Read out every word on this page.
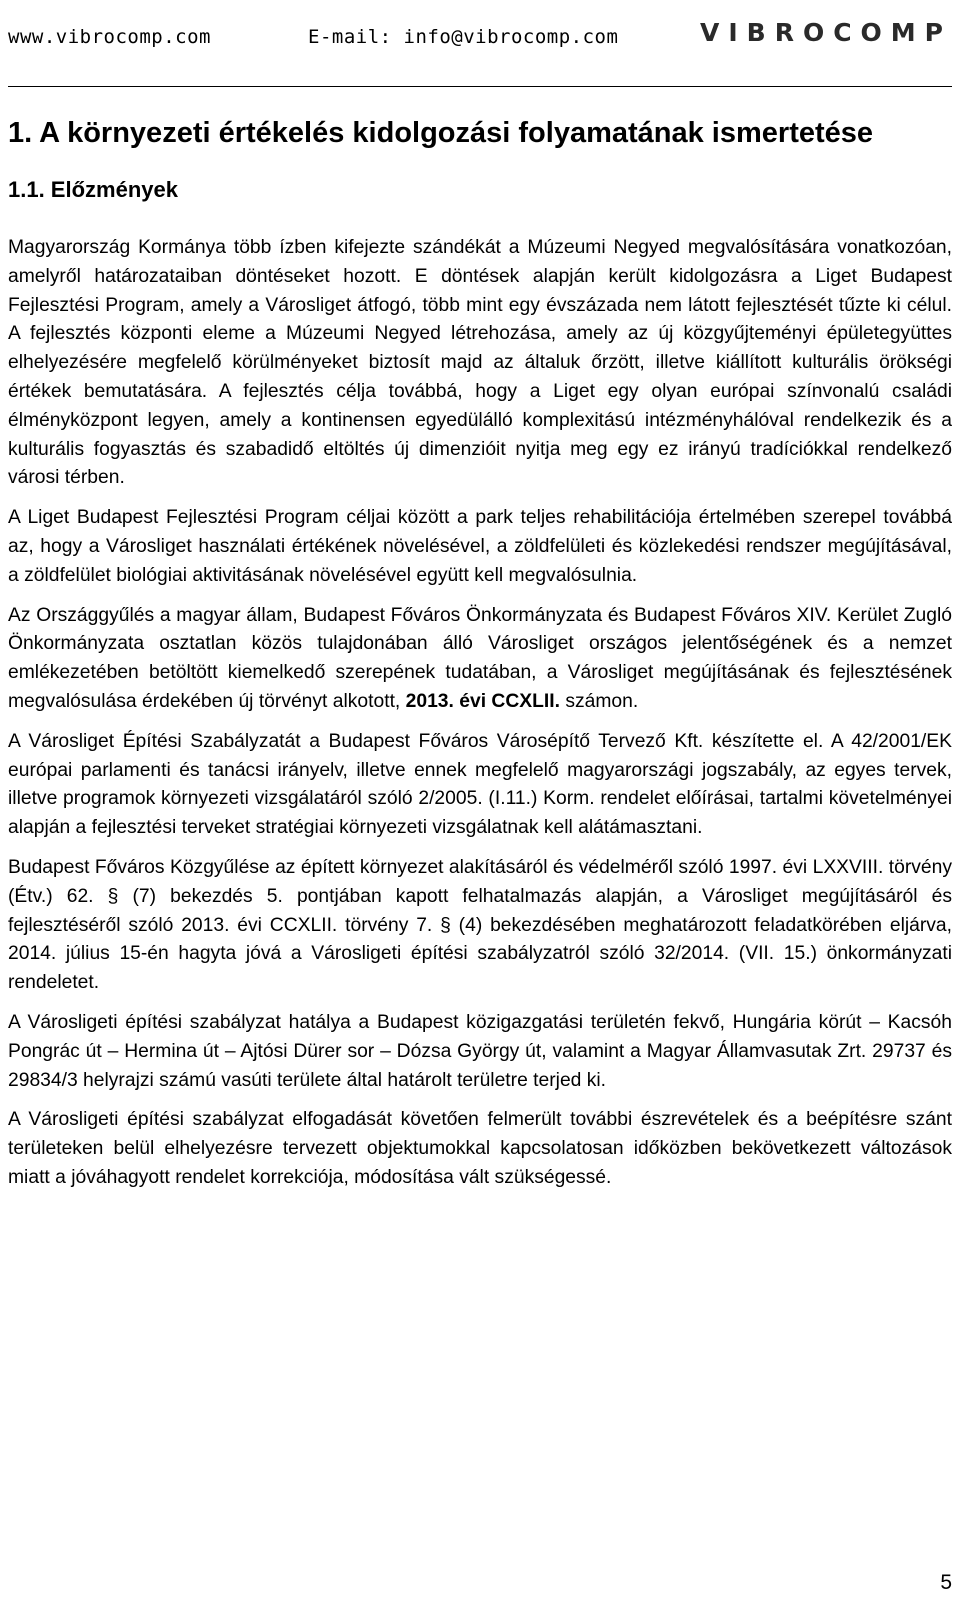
www.vibrocomp.com	E-mail: info@vibrocomp.com	VIBROCOMP
1. A környezeti értékelés kidolgozási folyamatának ismertetése
1.1. Előzmények

Magyarország Kormánya több ízben kifejezte szándékát a Múzeumi Negyed megvalósítására vonatkozóan, amelyről határozataiban döntéseket hozott. E döntések alapján került kidolgozásra a Liget Budapest Fejlesztési Program, amely a Városliget átfogó, több mint egy évszázada nem látott fejlesztését tűzte ki célul. A fejlesztés központi eleme a Múzeumi Negyed létrehozása, amely az új közgyűjteményi épületegyüttes elhelyezésére megfelelő körülményeket biztosít majd az általuk őrzött, illetve kiállított kulturális örökségi értékek bemutatására. A fejlesztés célja továbbá, hogy a Liget egy olyan európai színvonalú családi élményközpont legyen, amely a kontinensen egyedülálló komplexitású intézményhálóval rendelkezik és a kulturális fogyasztás és szabadidő eltöltés új dimenzióit nyitja meg egy ez irányú tradíciókkal rendelkező városi térben.

A Liget Budapest Fejlesztési Program céljai között a park teljes rehabilitációja értelmében szerepel továbbá az, hogy a Városliget használati értékének növelésével, a zöldfelületi és közlekedési rendszer megújításával, a zöldfelület biológiai aktivitásának növelésével együtt kell megvalósulnia.

Az Országgyűlés a magyar állam, Budapest Főváros Önkormányzata és Budapest Főváros XIV. Kerület Zugló Önkormányzata osztatlan közös tulajdonában álló Városliget országos jelentőségének és a nemzet emlékezetében betöltött kiemelkedő szerepének tudatában, a Városliget megújításának és fejlesztésének megvalósulása érdekében új törvényt alkotott, 2013. évi CCXLII. számon.

A Városliget Építési Szabályzatát a Budapest Főváros Városépítő Tervező Kft. készítette el. A 42/2001/EK európai parlamenti és tanácsi irányelv, illetve ennek megfelelő magyarországi jogszabály, az egyes tervek, illetve programok környezeti vizsgálatáról szóló 2/2005. (I.11.) Korm. rendelet előírásai, tartalmi követelményei alapján a fejlesztési terveket stratégiai környezeti vizsgálatnak kell alátámasztani.

Budapest Főváros Közgyűlése az épített környezet alakításáról és védelméről szóló 1997. évi LXXVIII. törvény (Étv.) 62. § (7) bekezdés 5. pontjában kapott felhatalmazás alapján, a Városliget megújításáról és fejlesztéséről szóló 2013. évi CCXLII. törvény 7. § (4) bekezdésében meghatározott feladatkörében eljárva, 2014. július 15-én hagyta jóvá a Városligeti építési szabályzatról szóló 32/2014. (VII. 15.) önkormányzati rendeletet.

A Városligeti építési szabályzat hatálya a Budapest közigazgatási területén fekvő, Hungária körút – Kacsóh Pongrác út – Hermina út – Ajtósi Dürer sor – Dózsa György út, valamint a Magyar Államvasutak Zrt. 29737 és 29834/3 helyrajzi számú vasúti területe által határolt területre terjed ki.

A Városligeti építési szabályzat elfogadását követően felmerült további észrevételek és a beépítésre szánt területeken belül elhelyezésre tervezett objektumokkal kapcsolatosan időközben bekövetkezett változások miatt a jóváhagyott rendelet korrekciója, módosítása vált szükségessé.

5
